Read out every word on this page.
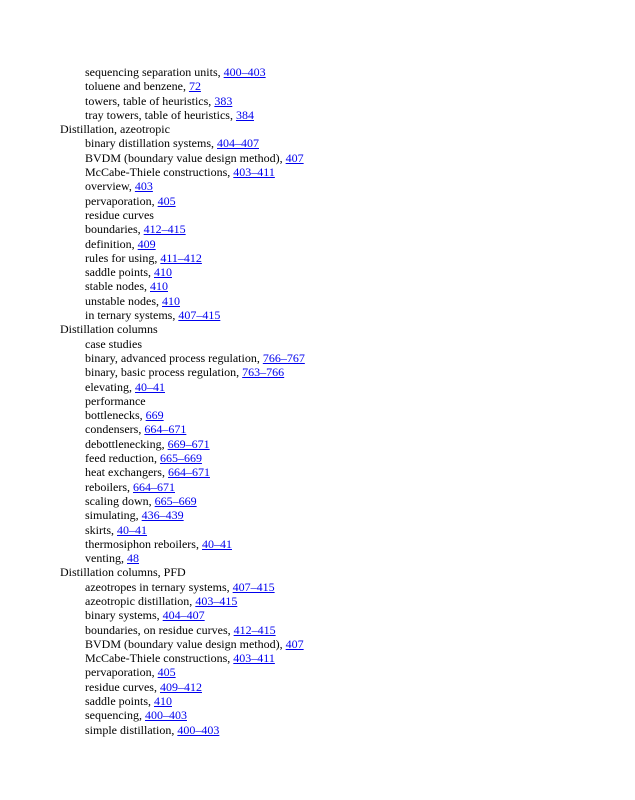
sequencing separation units, 400–403
toluene and benzene, 72
towers, table of heuristics, 383
tray towers, table of heuristics, 384
Distillation, azeotropic
binary distillation systems, 404–407
BVDM (boundary value design method), 407
McCabe-Thiele constructions, 403–411
overview, 403
pervaporation, 405
residue curves
boundaries, 412–415
definition, 409
rules for using, 411–412
saddle points, 410
stable nodes, 410
unstable nodes, 410
in ternary systems, 407–415
Distillation columns
case studies
binary, advanced process regulation, 766–767
binary, basic process regulation, 763–766
elevating, 40–41
performance
bottlenecks, 669
condensers, 664–671
debottlenecking, 669–671
feed reduction, 665–669
heat exchangers, 664–671
reboilers, 664–671
scaling down, 665–669
simulating, 436–439
skirts, 40–41
thermosiphon reboilers, 40–41
venting, 48
Distillation columns, PFD
azeotropes in ternary systems, 407–415
azeotropic distillation, 403–415
binary systems, 404–407
boundaries, on residue curves, 412–415
BVDM (boundary value design method), 407
McCabe-Thiele constructions, 403–411
pervaporation, 405
residue curves, 409–412
saddle points, 410
sequencing, 400–403
simple distillation, 400–403
